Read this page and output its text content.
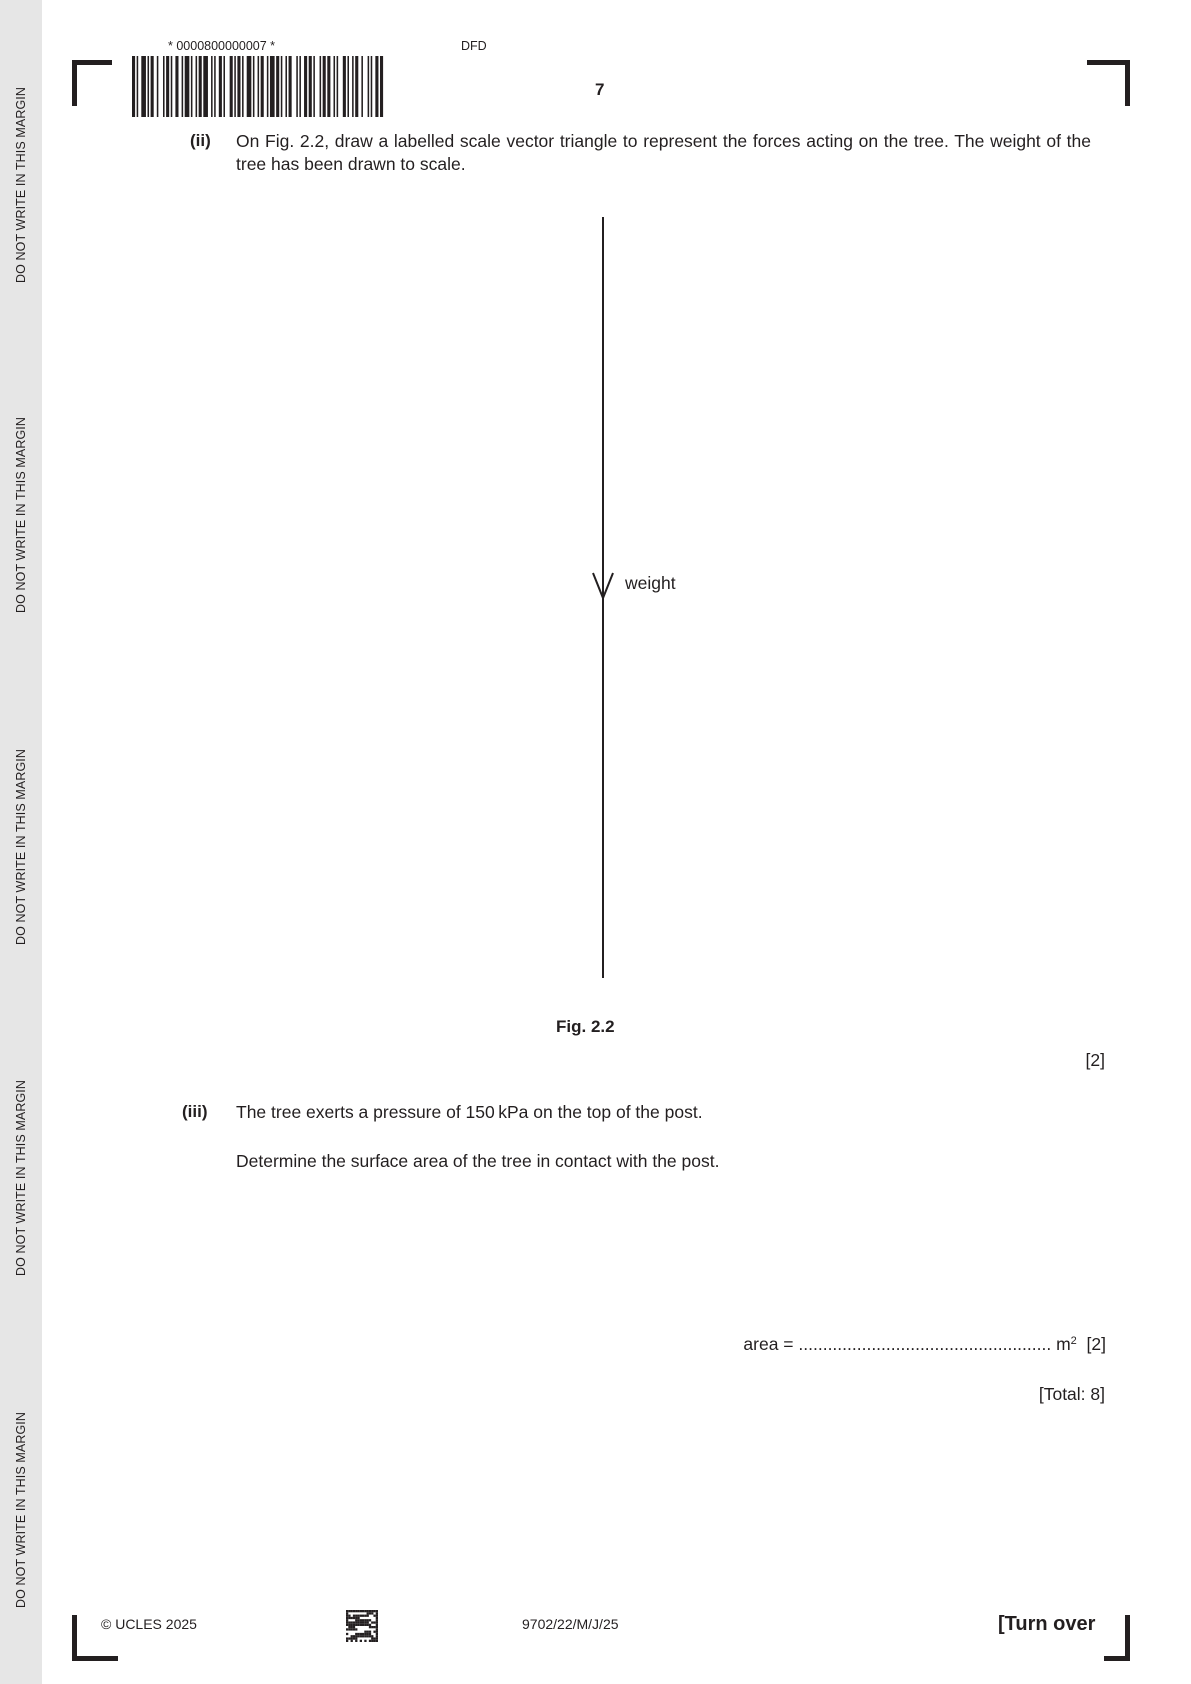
DO NOT WRITE IN THIS MARGIN
DO NOT WRITE IN THIS MARGIN
DO NOT WRITE IN THIS MARGIN
DO NOT WRITE IN THIS MARGIN
DO NOT WRITE IN THIS MARGIN
* 0000800000007 *	DFD
7
(ii) On Fig. 2.2, draw a labelled scale vector triangle to represent the forces acting on the tree. The weight of the tree has been drawn to scale.
weight
Fig. 2.2
[2]
(iii) The tree exerts a pressure of 150 kPa on the top of the post.
Determine the surface area of the tree in contact with the post.
area = .................................................... $m^2$ [2]
[Total: 8]
© UCLES 2025	9702/22/M/J/25	[Turn over
